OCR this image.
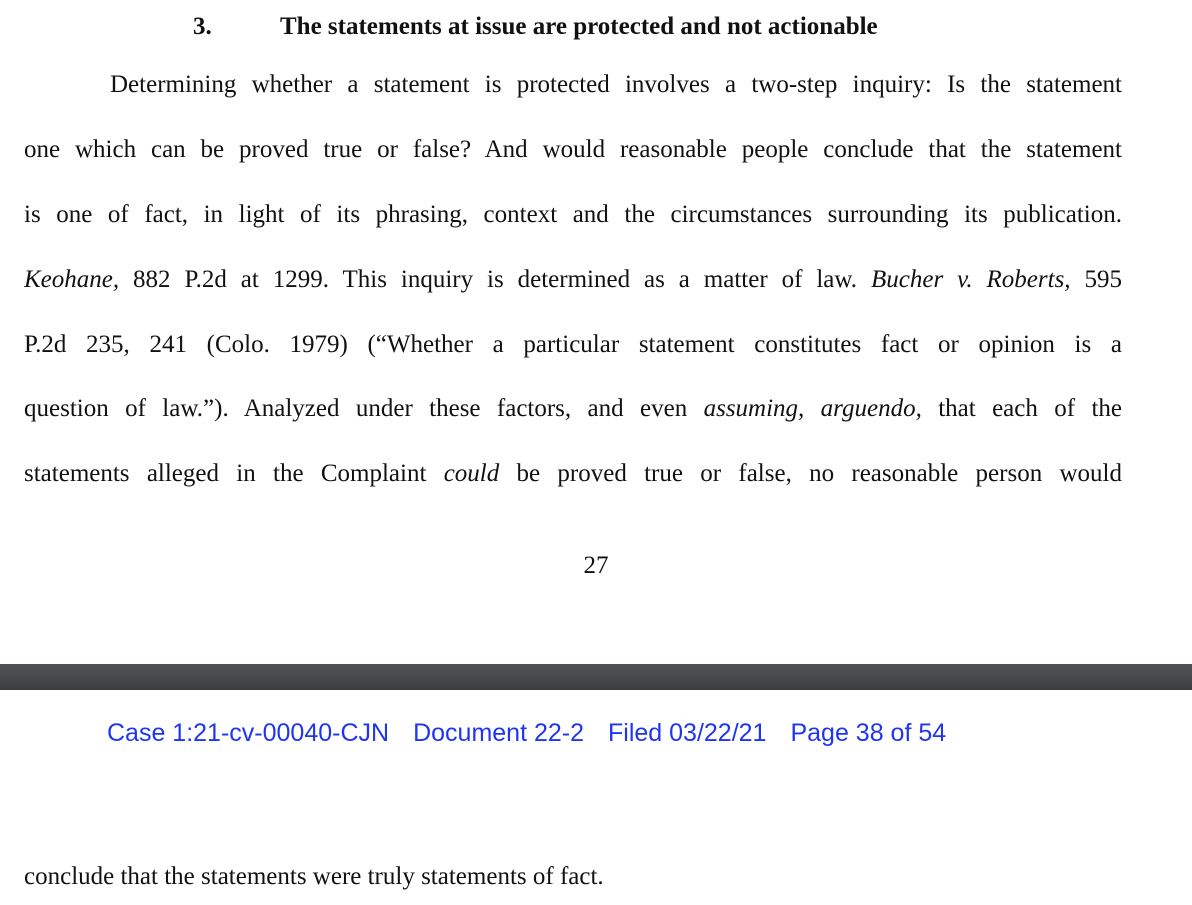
3.	The statements at issue are protected and not actionable
Determining whether a statement is protected involves a two-step inquiry: Is the statement
one which can be proved true or false? And would reasonable people conclude that the statement
is one of fact, in light of its phrasing, context and the circumstances surrounding its publication.
Keohane, 882 P.2d at 1299. This inquiry is determined as a matter of law. Bucher v. Roberts, 595
P.2d 235, 241 (Colo. 1979) (“Whether a particular statement constitutes fact or opinion is a
question of law.”). Analyzed under these factors, and even assuming, arguendo, that each of the
statements alleged in the Complaint could be proved true or false, no reasonable person would
27
Case 1:21-cv-00040-CJN Document 22-2 Filed 03/22/21 Page 38 of 54
conclude that the statements were truly statements of fact.
